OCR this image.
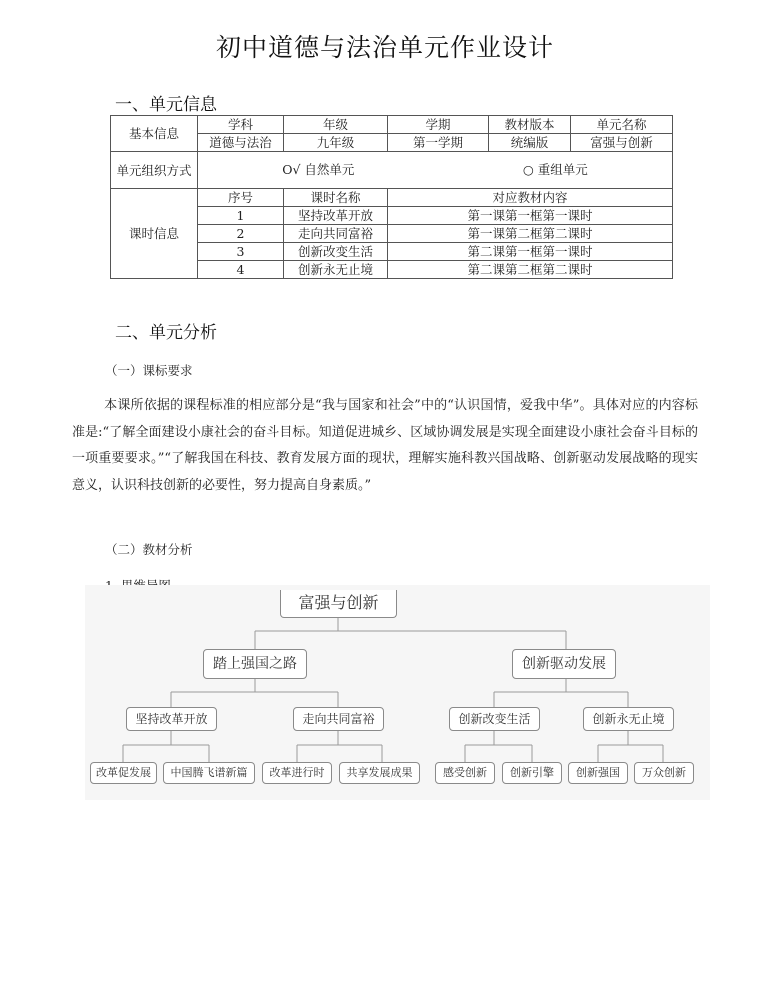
初中道德与法治单元作业设计
一、单元信息
基本信息	学科	年级	学期	教材版本	单元名称
	道德与法治	九年级	第一学期	统编版	富强与创新
单元组织方式	O√ 自然单元 ○ 重组单元				

课时信息	序号	课时名称	对应教材内容		
	1	坚持改革开放	第一课第一框第一课时		
	2	走向共同富裕	第一课第二框第二课时		
	3	创新改变生活	第二课第一框第一课时		
	4	创新永无止境	第二课第二框第二课时		
二、单元分析
（一）课标要求
本课所依据的课程标准的相应部分是“我与国家和社会”中的“认识国情，爱我中华”。具体对应的内容标准是:“了解全面建设小康社会的奋斗目标。知道促进城乡、区域协调发展是实现全面建设小康社会奋斗目标的一项重要要求。”“了解我国在科技、教育发展方面的现状，理解实施科教兴国战略、创新驱动发展战略的现实意义，认识科技创新的必要性，努力提高自身素质。”
（二）教材分析
富强与创新
踏上强国之路	创新驱动发展
坚持改革开放	走向共同富裕	创新改变生活	创新永无止境
改革促发展	中国腾飞谱新篇	改革进行时	共享发展成果	感受创新	创新引擎	创新强国	万众创新
